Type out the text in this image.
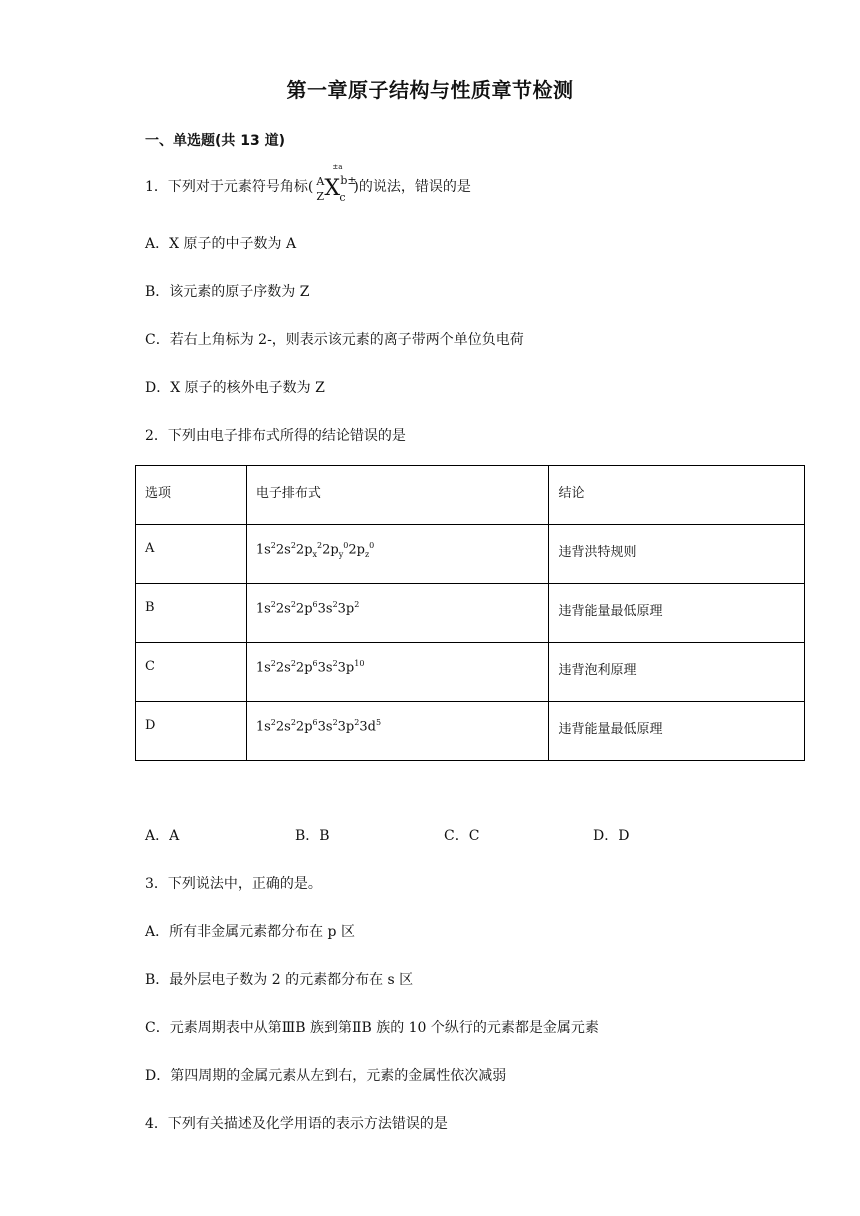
第一章原子结构与性质章节检测
一、单选题(共 13 道)
1．下列对于元素符号角标( A
Z X
±a
b±
c
)的说法，错误的是
A．X 原子的中子数为 A
B．该元素的原子序数为 Z
C．若右上角标为 2-，则表示该元素的离子带两个单位负电荷
D．X 原子的核外电子数为 Z
2．下列由电子排布式所得的结论错误的是
选项	电子排布式	结论
A	$1s^22s^22p_x^22p_y^02p_z^0$	违背洪特规则
B	$1s^22s^22p^63s^23p^2$	违背能量最低原理
C	$1s^22s^22p^63s^23p^{10}$	违背泡利原理
D	$1s^22s^22p^63s^23p^23d^5$	违背能量最低原理
A．A	B．B	C．C	D．D
3．下列说法中，正确的是。
A．所有非金属元素都分布在 p 区
B．最外层电子数为 2 的元素都分布在 s 区
C．元素周期表中从第ⅢB 族到第ⅡB 族的 10 个纵行的元素都是金属元素
D．第四周期的金属元素从左到右，元素的金属性依次减弱
4．下列有关描述及化学用语的表示方法错误的是
